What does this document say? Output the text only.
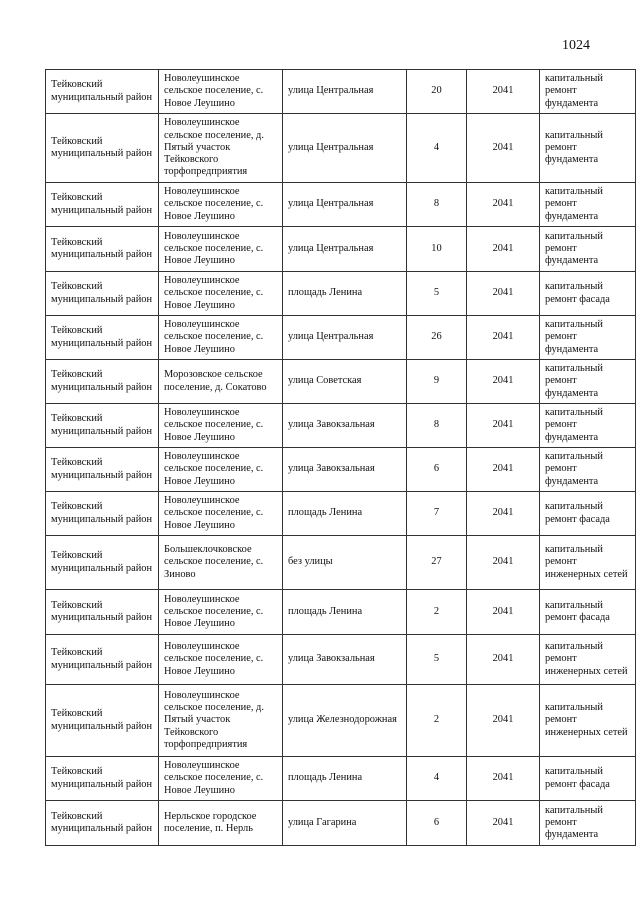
1024
Тейковский муниципальный район	Новолеушинское сельское поселение, с. Новое Леушино	улица Центральная	20	2041	капитальный ремонт фундамента
Тейковский муниципальный район	Новолеушинское сельское поселение, д. Пятый участок Тейковского торфопредприятия	улица Центральная	4	2041	капитальный ремонт фундамента
Тейковский муниципальный район	Новолеушинское сельское поселение, с. Новое Леушино	улица Центральная	8	2041	капитальный ремонт фундамента
Тейковский муниципальный район	Новолеушинское сельское поселение, с. Новое Леушино	улица Центральная	10	2041	капитальный ремонт фундамента
Тейковский муниципальный район	Новолеушинское сельское поселение, с. Новое Леушино	площадь Ленина	5	2041	капитальный ремонт фасада
Тейковский муниципальный район	Новолеушинское сельское поселение, с. Новое Леушино	улица Центральная	26	2041	капитальный ремонт фундамента
Тейковский муниципальный район	Морозовское сельское поселение, д. Сокатово	улица Советская	9	2041	капитальный ремонт фундамента
Тейковский муниципальный район	Новолеушинское сельское поселение, с. Новое Леушино	улица Завокзальная	8	2041	капитальный ремонт фундамента
Тейковский муниципальный район	Новолеушинское сельское поселение, с. Новое Леушино	улица Завокзальная	6	2041	капитальный ремонт фундамента
Тейковский муниципальный район	Новолеушинское сельское поселение, с. Новое Леушино	площадь Ленина	7	2041	капитальный ремонт фасада
Тейковский муниципальный район	Большеклочковское сельское поселение, с. Зиново	без улицы	27	2041	капитальный ремонт инженерных сетей
Тейковский муниципальный район	Новолеушинское сельское поселение, с. Новое Леушино	площадь Ленина	2	2041	капитальный ремонт фасада
Тейковский муниципальный район	Новолеушинское сельское поселение, с. Новое Леушино	улица Завокзальная	5	2041	капитальный ремонт инженерных сетей
Тейковский муниципальный район	Новолеушинское сельское поселение, д. Пятый участок Тейковского торфопредприятия	улица Железнодорожная	2	2041	капитальный ремонт инженерных сетей
Тейковский муниципальный район	Новолеушинское сельское поселение, с. Новое Леушино	площадь Ленина	4	2041	капитальный ремонт фасада
Тейковский муниципальный район	Нерльское городское поселение, п. Нерль	улица Гагарина	6	2041	капитальный ремонт фундамента
